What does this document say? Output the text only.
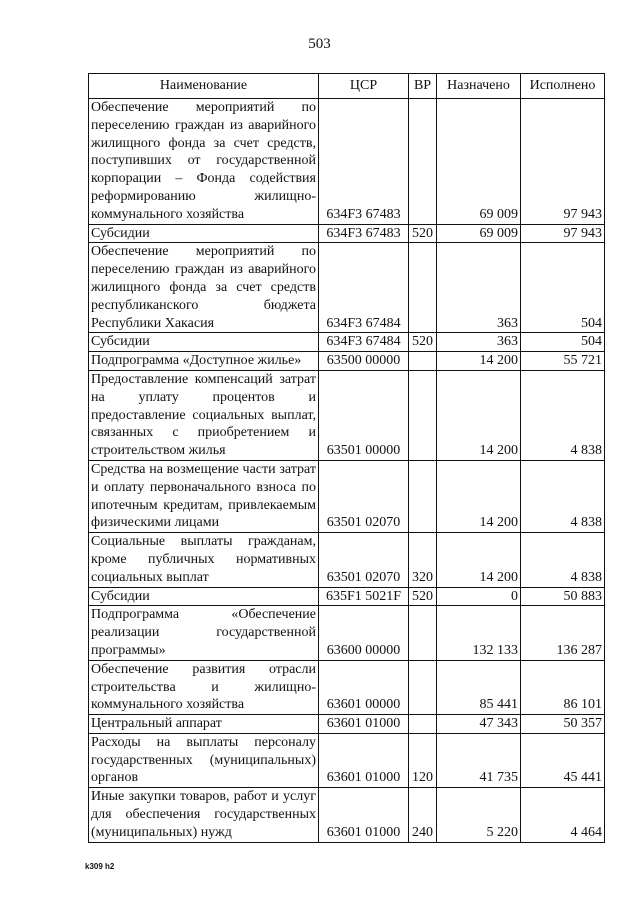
503
Наименование	ЦСР	ВР	Назначено	Исполнено
Обеспечение мероприятий по переселению граждан из аварийного жилищного фонда за счет средств, поступивших от государственной корпорации – Фонда содействия реформированию жилищно-коммунального хозяйства	634F3 67483		69 009	97 943
Субсидии	634F3 67483	520	69 009	97 943
Обеспечение мероприятий по переселению граждан из аварийного жилищного фонда за счет средств республиканского бюджета Республики Хакасия	634F3 67484		363	504
Субсидии	634F3 67484	520	363	504
Подпрограмма «Доступное жилье»	63500 00000		14 200	55 721
Предоставление компенсаций затрат на уплату процентов и предоставление социальных выплат, связанных с приобретением и строительством жилья	63501 00000		14 200	4 838
Средства на возмещение части затрат и оплату первоначального взноса по ипотечным кредитам, привлекаемым физическими лицами	63501 02070		14 200	4 838
Социальные выплаты гражданам, кроме публичных нормативных социальных выплат	63501 02070	320	14 200	4 838
Субсидии	635F1 5021F	520	0	50 883
Подпрограмма «Обеспечение реализации государственной программы»	63600 00000		132 133	136 287
Обеспечение развития отрасли строительства и жилищно-коммунального хозяйства	63601 00000		85 441	86 101
Центральный аппарат	63601 01000		47 343	50 357
Расходы на выплаты персоналу государственных (муниципальных) органов	63601 01000	120	41 735	45 441
Иные закупки товаров, работ и услуг для обеспечения государственных (муниципальных) нужд	63601 01000	240	5 220	4 464
k309 h2
